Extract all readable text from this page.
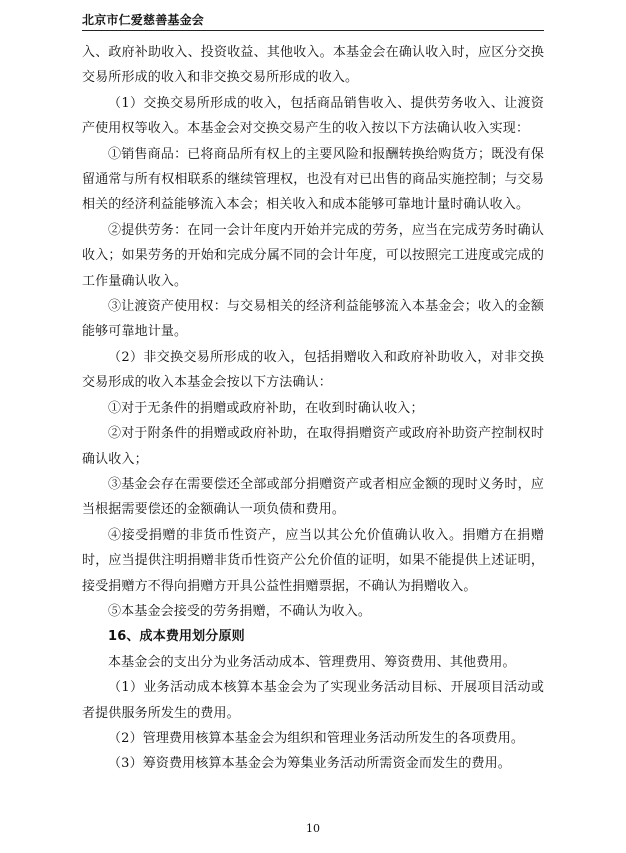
北京市仁爱慈善基金会

入、政府补助收入、投资收益、其他收入。本基金会在确认收入时，应区分交换交易所形成的收入和非交换交易所形成的收入。

（1）交换交易所形成的收入，包括商品销售收入、提供劳务收入、让渡资产使用权等收入。本基金会对交换交易产生的收入按以下方法确认收入实现：

①销售商品：已将商品所有权上的主要风险和报酬转换给购货方；既没有保留通常与所有权相联系的继续管理权，也没有对已出售的商品实施控制；与交易相关的经济利益能够流入本会；相关收入和成本能够可靠地计量时确认收入。

②提供劳务：在同一会计年度内开始并完成的劳务，应当在完成劳务时确认收入；如果劳务的开始和完成分属不同的会计年度，可以按照完工进度或完成的工作量确认收入。

③让渡资产使用权：与交易相关的经济利益能够流入本基金会；收入的金额能够可靠地计量。

（2）非交换交易所形成的收入，包括捐赠收入和政府补助收入，对非交换交易形成的收入本基金会按以下方法确认：

①对于无条件的捐赠或政府补助，在收到时确认收入；

②对于附条件的捐赠或政府补助，在取得捐赠资产或政府补助资产控制权时确认收入；

③基金会存在需要偿还全部或部分捐赠资产或者相应金额的现时义务时，应当根据需要偿还的金额确认一项负债和费用。

④接受捐赠的非货币性资产，应当以其公允价值确认收入。捐赠方在捐赠时，应当提供注明捐赠非货币性资产公允价值的证明，如果不能提供上述证明，接受捐赠方不得向捐赠方开具公益性捐赠票据，不确认为捐赠收入。

⑤本基金会接受的劳务捐赠，不确认为收入。

16、成本费用划分原则

本基金会的支出分为业务活动成本、管理费用、筹资费用、其他费用。

（1）业务活动成本核算本基金会为了实现业务活动目标、开展项目活动或者提供服务所发生的费用。

（2）管理费用核算本基金会为组织和管理业务活动所发生的各项费用。

（3）筹资费用核算本基金会为筹集业务活动所需资金而发生的费用。

10
